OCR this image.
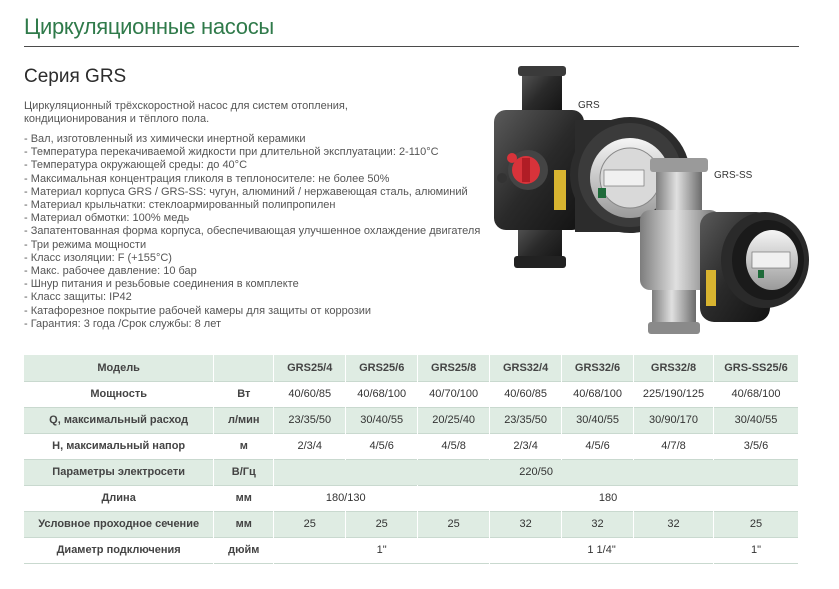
Циркуляционные насосы
Серия GRS

Циркуляционный трёхскоростной насос для систем отопления, кондиционирования и тёплого пола.

- Вал, изготовленный из химически инертной керамики
- Температура перекачиваемой жидкости при длительной эксплуатации: 2-110°С
- Температура окружающей среды: до 40°С
- Максимальная концентрация гликоля в теплоносителе: не более 50%
- Материал корпуса GRS / GRS-SS: чугун, алюминий / нержавеющая сталь, алюминий
- Материал крыльчатки: стеклоармированный полипропилен
- Материал обмотки: 100% медь
- Запатентованная форма корпуса, обеспечивающая улучшенное охлаждение двигателя
- Три режима мощности
- Класс изоляции: F (+155°С)
- Макс. рабочее давление: 10 бар
- Шнур питания и резьбовые соединения в комплекте
- Класс защиты: IP42
- Катафорезное покрытие рабочей камеры для защиты от коррозии
- Гарантия: 3 года /Срок службы: 8 лет
GRS
GRS-SS
Модель		GRS25/4	GRS25/6	GRS25/8	GRS32/4	GRS32/6	GRS32/8	GRS-SS25/6
Мощность	Вт	40/60/85	40/68/100	40/70/100	40/60/85	40/68/100	225/190/125	40/68/100
Q, максимальный расход	л/мин	23/35/50	30/40/55	20/25/40	23/35/50	30/40/55	30/90/170	30/40/55
Н, максимальный напор	м	2/3/4	4/5/6	4/5/8	2/3/4	4/5/6	4/7/8	3/5/6
Параметры электросети	В/Гц	220/50						
Длина	мм	180/130		180				
Условное проходное сечение	мм	25	25	25	32	32	32	25
Диаметр подключения	дюйм	1"			1 1/4"			1"
